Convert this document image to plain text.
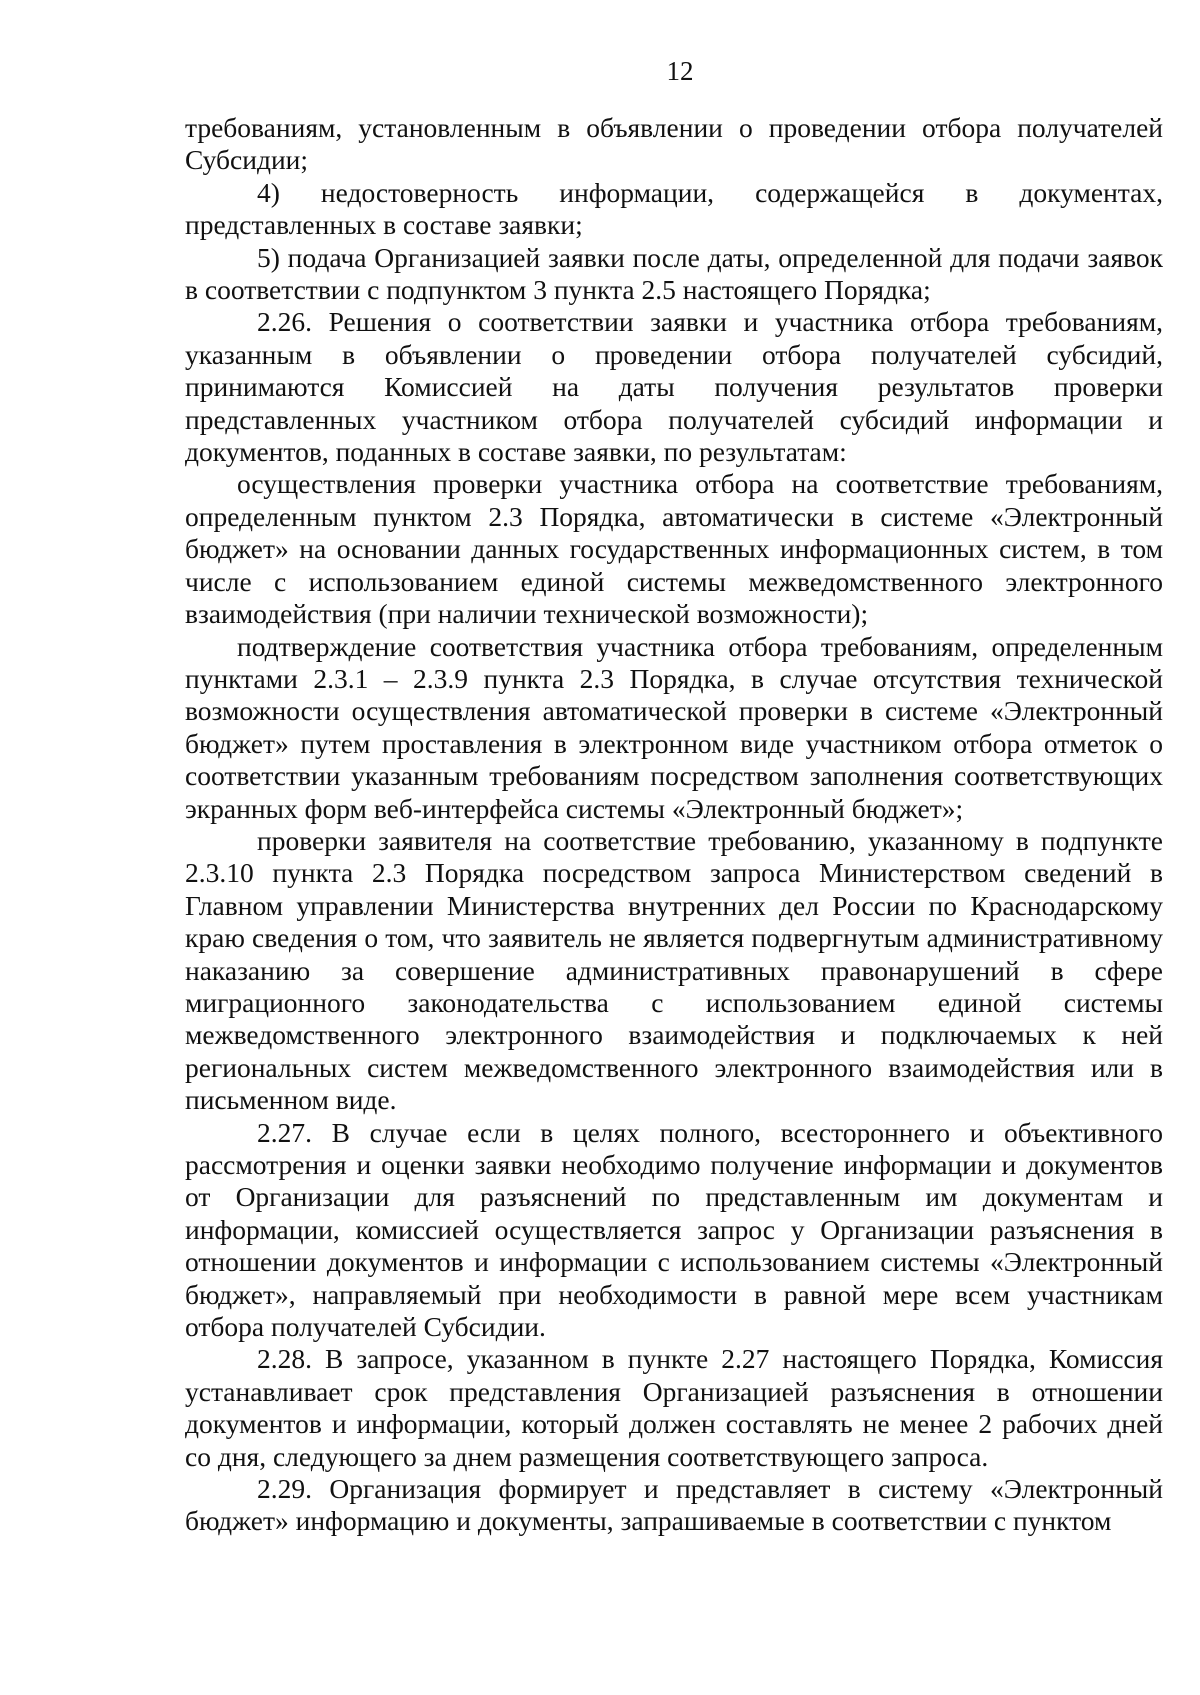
12

требованиям, установленным в объявлении о проведении отбора получателей Субсидии;

4) недостоверность информации, содержащейся в документах, представленных в составе заявки;

5) подача Организацией заявки после даты, определенной для подачи заявок в соответствии с подпунктом 3 пункта 2.5 настоящего Порядка;

2.26. Решения о соответствии заявки и участника отбора требованиям, указанным в объявлении о проведении отбора получателей субсидий, принимаются Комиссией на даты получения результатов проверки представленных участником отбора получателей субсидий информации и документов, поданных в составе заявки, по результатам:

осуществления проверки участника отбора на соответствие требованиям, определенным пунктом 2.3 Порядка, автоматически в системе «Электронный бюджет» на основании данных государственных информационных систем, в том числе с использованием единой системы межведомственного электронного взаимодействия (при наличии технической возможности);

подтверждение соответствия участника отбора требованиям, определенным пунктами 2.3.1 – 2.3.9 пункта 2.3 Порядка, в случае отсутствия технической возможности осуществления автоматической проверки в системе «Электронный бюджет» путем проставления в электронном виде участником отбора отметок о соответствии указанным требованиям посредством заполнения соответствующих экранных форм веб-интерфейса системы «Электронный бюджет»;

проверки заявителя на соответствие требованию, указанному в подпункте 2.3.10 пункта 2.3 Порядка посредством запроса Министерством сведений в Главном управлении Министерства внутренних дел России по Краснодарскому краю сведения о том, что заявитель не является подвергнутым административному наказанию за совершение административных правонарушений в сфере миграционного законодательства с использованием единой системы межведомственного электронного взаимодействия и подключаемых к ней региональных систем межведомственного электронного взаимодействия или в письменном виде.

2.27. В случае если в целях полного, всестороннего и объективного рассмотрения и оценки заявки необходимо получение информации и документов от Организации для разъяснений по представленным им документам и информации, комиссией осуществляется запрос у Организации разъяснения в отношении документов и информации с использованием системы «Электронный бюджет», направляемый при необходимости в равной мере всем участникам отбора получателей Субсидии.

2.28. В запросе, указанном в пункте 2.27 настоящего Порядка, Комиссия устанавливает срок представления Организацией разъяснения в отношении документов и информации, который должен составлять не менее 2 рабочих дней со дня, следующего за днем размещения соответствующего запроса.

2.29. Организация формирует и представляет в систему «Электронный бюджет» информацию и документы, запрашиваемые в соответствии с пунктом
